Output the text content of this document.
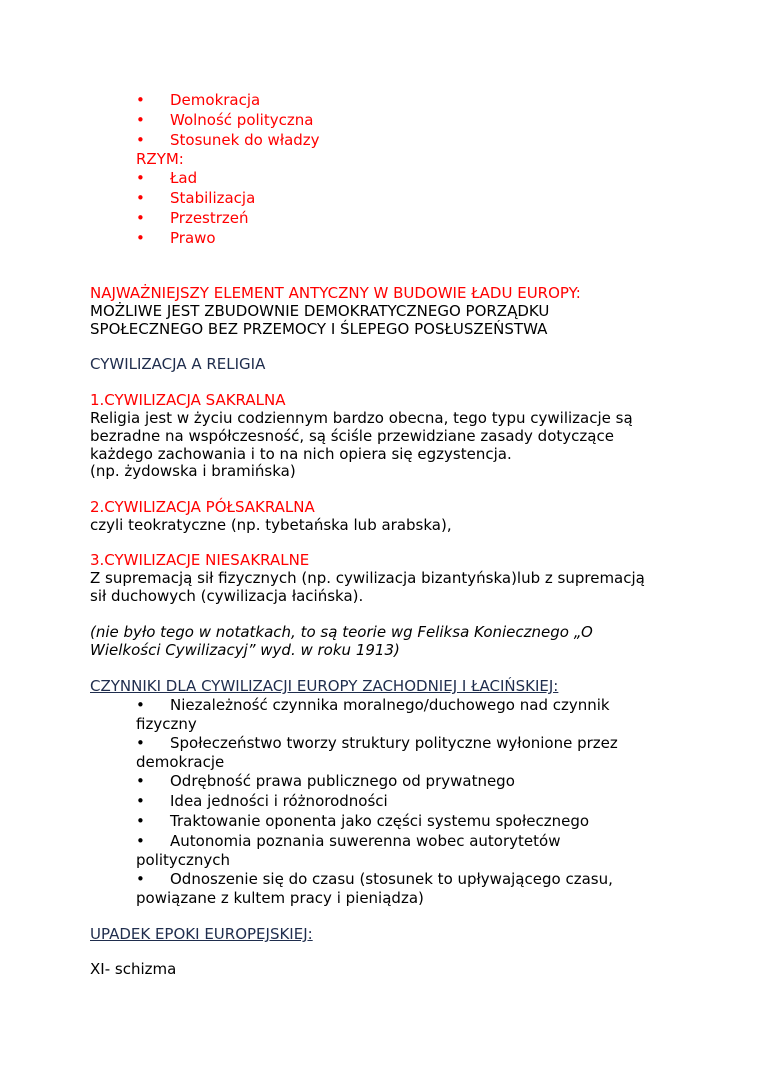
• Demokracja
• Wolność polityczna
• Stosunek do władzy
RZYM:
• Ład
• Stabilizacja
• Przestrzeń
• Prawo
NAJWAŻNIEJSZY ELEMENT ANTYCZNY W BUDOWIE ŁADU EUROPY:
MOŻLIWE JEST ZBUDOWNIE DEMOKRATYCZNEGO PORZĄDKU
SPOŁECZNEGO BEZ PRZEMOCY I ŚLEPEGO POSŁUSZEŃSTWA
CYWILIZACJA A RELIGIA
1.CYWILIZACJA SAKRALNA
Religia jest w życiu codziennym bardzo obecna, tego typu cywilizacje są
bezradne na współczesność, są ściśle przewidziane zasady dotyczące
każdego zachowania i to na nich opiera się egzystencja.
(np. żydowska i bramińska)
2.CYWILIZACJA PÓŁSAKRALNA
czyli teokratyczne (np. tybetańska lub arabska),
3.CYWILIZACJE NIESAKRALNE
Z supremacją sił fizycznych (np. cywilizacja bizantyńska)lub z supremacją
sił duchowych (cywilizacja łacińska).
(nie było tego w notatkach, to są teorie wg Feliksa Koniecznego „O
Wielkości Cywilizacyj” wyd. w roku 1913)
CZYNNIKI DLA CYWILIZACJI EUROPY ZACHODNIEJ I ŁACIŃSKIEJ:
• Niezależność czynnika moralnego/duchowego nad czynnik
fizyczny
• Społeczeństwo tworzy struktury polityczne wyłonione przez
demokracje
• Odrębność prawa publicznego od prywatnego
• Idea jedności i różnorodności
• Traktowanie oponenta jako części systemu społecznego
• Autonomia poznania suwerenna wobec autorytetów
politycznych
• Odnoszenie się do czasu (stosunek to upływającego czasu,
powiązane z kultem pracy i pieniądza)
UPADEK EPOKI EUROPEJSKIEJ:
XI- schizma
